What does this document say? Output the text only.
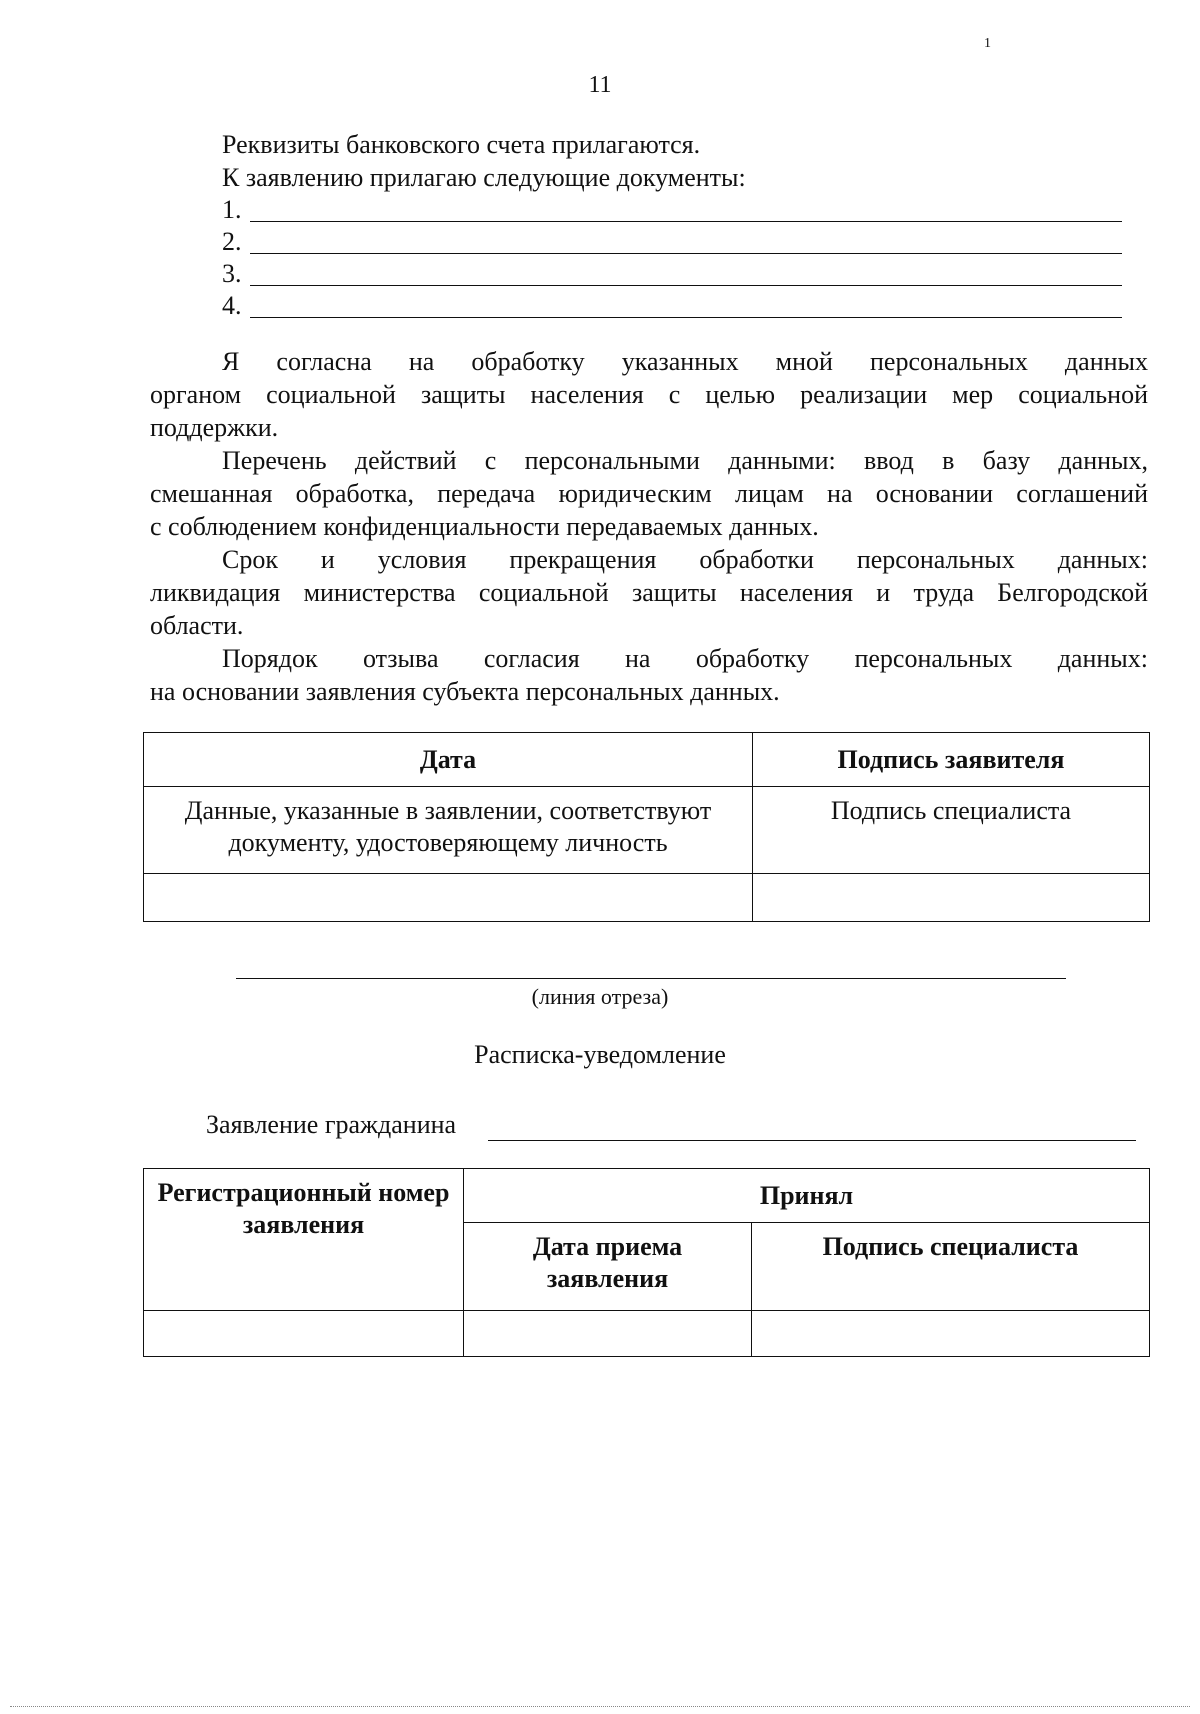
1
11
Реквизиты банковского счета прилагаются.
К заявлению прилагаю следующие документы:
1.
2.
3.
4.
Я согласна на обработку указанных мной персональных данных
органом социальной защиты населения с целью реализации мер социальной
поддержки.
Перечень действий с персональными данными: ввод в базу данных,
смешанная обработка, передача юридическим лицам на основании соглашений
с соблюдением конфиденциальности передаваемых данных.
Срок и условия прекращения обработки персональных данных:
ликвидация министерства социальной защиты населения и труда Белгородской
области.
Порядок отзыва согласия на обработку персональных данных:
на основании заявления субъекта персональных данных.
Дата	Подпись заявителя
Данные, указанные в заявлении, соответствуют документу, удостоверяющему личность	Подпись специалиста

(линия отреза)
Расписка-уведомление
Заявление гражданина
Регистрационный номер заявления	Принял	
	Дата приема заявления	Подпись специалиста
